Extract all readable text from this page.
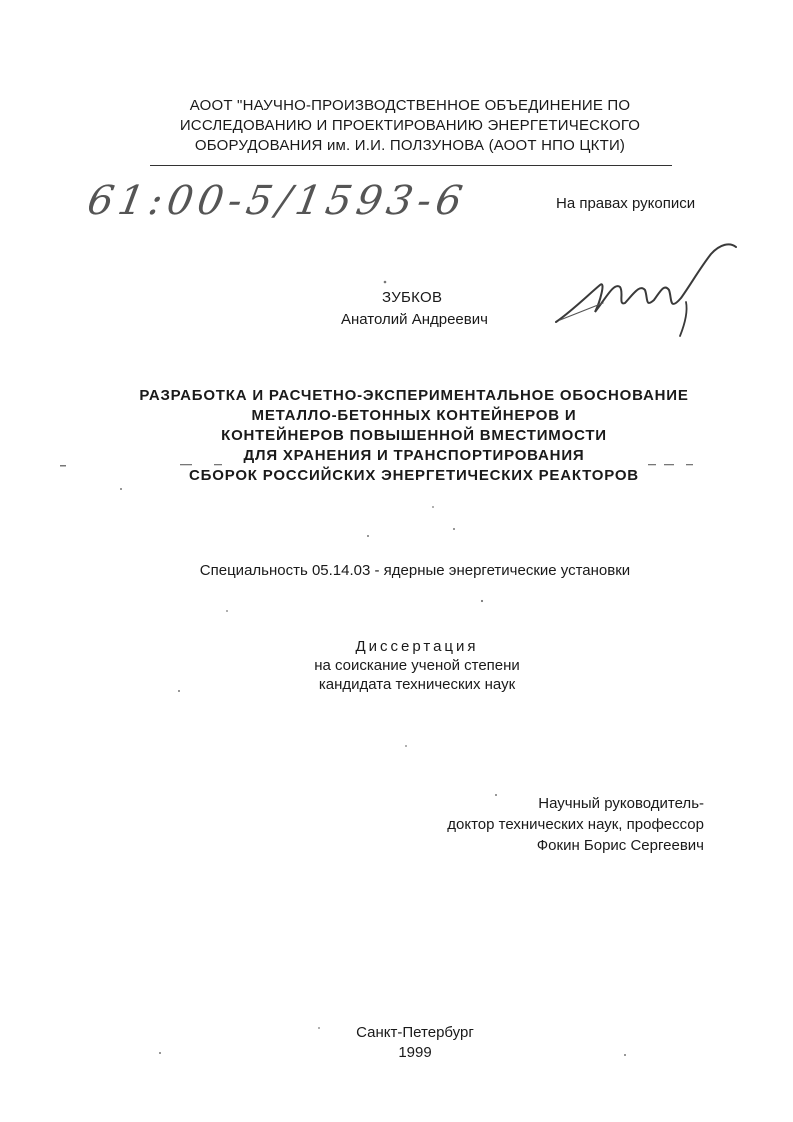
АООТ "НАУЧНО-ПРОИЗВОДСТВЕННОЕ ОБЪЕДИНЕНИЕ ПО
ИССЛЕДОВАНИЮ И ПРОЕКТИРОВАНИЮ ЭНЕРГЕТИЧЕСКОГО
ОБОРУДОВАНИЯ им. И.И. ПОЛЗУНОВА (АООТ НПО ЦКТИ)
61:00-5/1593-6	На правах рукописи
ЗУБКОВ
Анатолий Андреевич
РАЗРАБОТКА И РАСЧЕТНО-ЭКСПЕРИМЕНТАЛЬНОЕ ОБОСНОВАНИЕ
МЕТАЛЛО-БЕТОННЫХ КОНТЕЙНЕРОВ И
КОНТЕЙНЕРОВ ПОВЫШЕННОЙ ВМЕСТИМОСТИ
ДЛЯ ХРАНЕНИЯ И ТРАНСПОРТИРОВАНИЯ
СБОРОК РОССИЙСКИХ ЭНЕРГЕТИЧЕСКИХ РЕАКТОРОВ
Специальность 05.14.03 - ядерные энергетические установки
Диссертация
на соискание ученой степени
кандидата технических наук
Научный руководитель-
доктор технических наук, профессор
Фокин Борис Сергеевич
Санкт-Петербург
1999
